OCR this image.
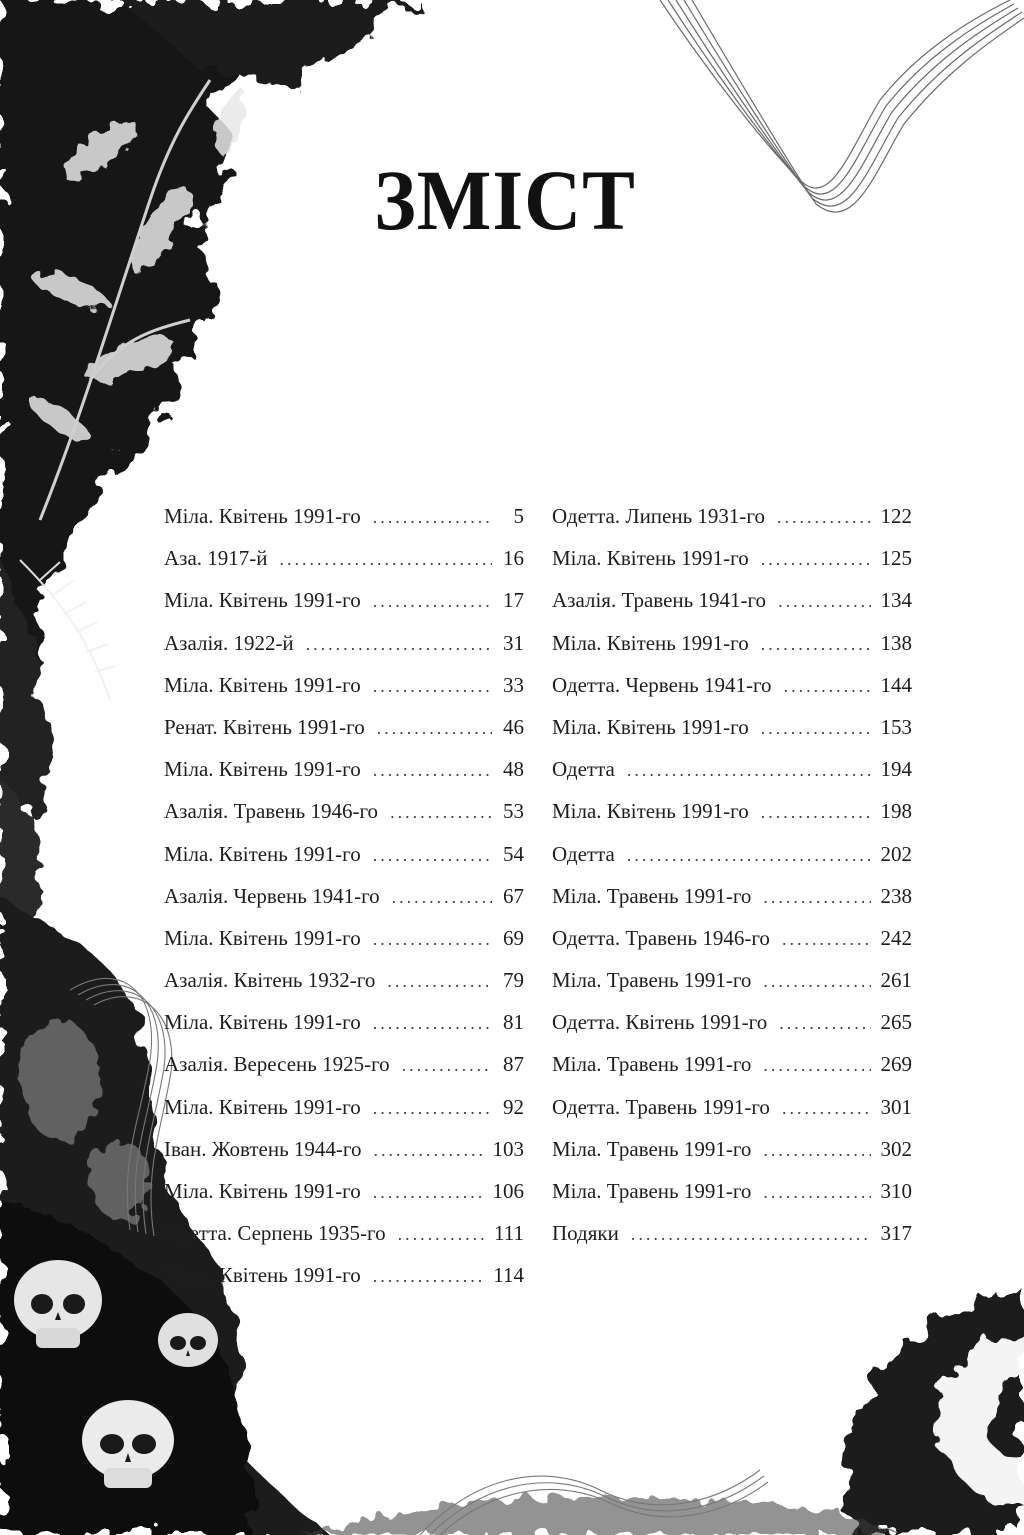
ЗМІСТ
Міла. Квітень 1991-го .....	5
Аза. 1917-й .....	16
Міла. Квітень 1991-го .....	17
Азалія. 1922-й .....	31
Міла. Квітень 1991-го .....	33
Ренат. Квітень 1991-го .....	46
Міла. Квітень 1991-го .....	48
Азалія. Травень 1946-го .....	53
Міла. Квітень 1991-го .....	54
Азалія. Червень 1941-го .....	67
Міла. Квітень 1991-го .....	69
Азалія. Квітень 1932-го .....	79
Міла. Квітень 1991-го .....	81
Азалія. Вересень 1925-го .....	87
Міла. Квітень 1991-го .....	92
Іван. Жовтень 1944-го .....	103
Міла. Квітень 1991-го .....	106
Одетта. Серпень 1935-го .....	111
Міла. Квітень 1991-го .....	114
Одетта. Липень 1931-го .....	122
Міла. Квітень 1991-го .....	125
Азалія. Травень 1941-го .....	134
Міла. Квітень 1991-го .....	138
Одетта. Червень 1941-го .....	144
Міла. Квітень 1991-го .....	153
Одетта .....	194
Міла. Квітень 1991-го .....	198
Одетта .....	202
Міла. Травень 1991-го .....	238
Одетта. Травень 1946-го .....	242
Міла. Травень 1991-го .....	261
Одетта. Квітень 1991-го .....	265
Міла. Травень 1991-го .....	269
Одетта. Травень 1991-го .....	301
Міла. Травень 1991-го .....	302
Міла. Травень 1991-го .....	310
Подяки .....	317
